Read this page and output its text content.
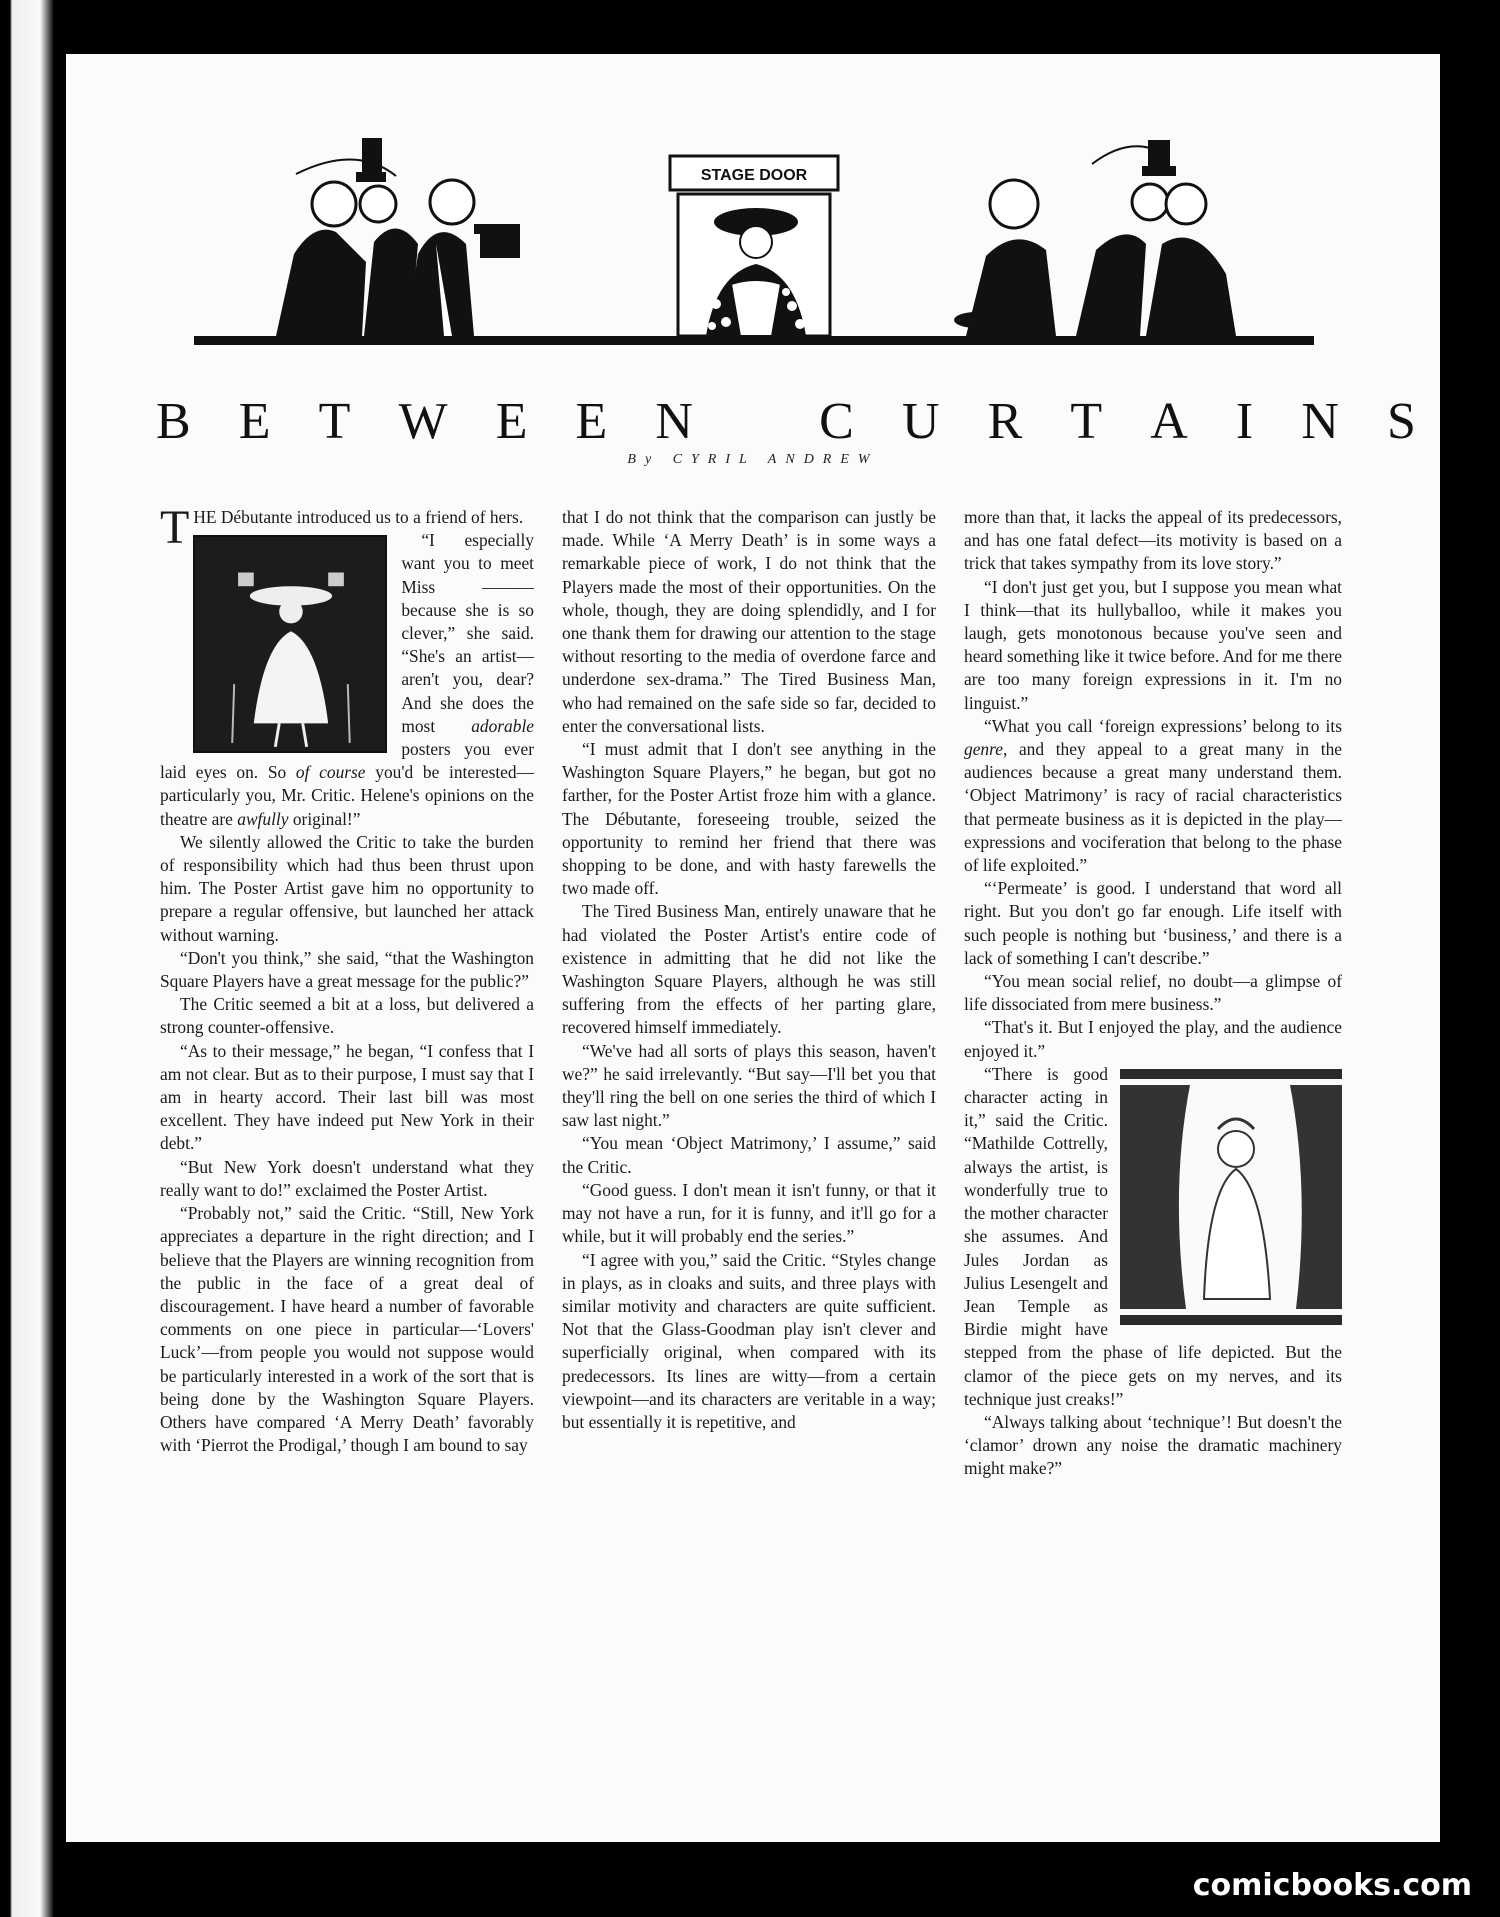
STAGE DOOR
B E T W E E N C U R T A I N S
By CYRIL ANDREW

THE Débutante introduced us to a friend of hers.

“I especially want you to meet Miss ——— because she is so clever,” she said. “She's an artist—aren't you, dear? And she does the most adorable posters you ever laid eyes on. So of course you'd be interested—particularly you, Mr. Critic. Helene's opinions on the theatre are awfully original!”

We silently allowed the Critic to take the burden of responsibility which had thus been thrust upon him. The Poster Artist gave him no opportunity to prepare a regular offensive, but launched her attack without warning.

“Don't you think,” she said, “that the Washington Square Players have a great message for the public?”

The Critic seemed a bit at a loss, but delivered a strong counter-offensive.

“As to their message,” he began, “I confess that I am not clear. But as to their purpose, I must say that I am in hearty accord. Their last bill was most excellent. They have indeed put New York in their debt.”

“But New York doesn't understand what they really want to do!” exclaimed the Poster Artist.

“Probably not,” said the Critic. “Still, New York appreciates a departure in the right direction; and I believe that the Players are winning recognition from the public in the face of a great deal of discouragement. I have heard a number of favorable comments on one piece in particular—‘Lovers' Luck’—from people you would not suppose would be particularly interested in a work of the sort that is being done by the Washington Square Players. Others have compared ‘A Merry Death’ favorably with ‘Pierrot the Prodigal,’ though I am bound to say

that I do not think that the comparison can justly be made. While ‘A Merry Death’ is in some ways a remarkable piece of work, I do not think that the Players made the most of their opportunities. On the whole, though, they are doing splendidly, and I for one thank them for drawing our attention to the stage without resorting to the media of overdone farce and underdone sex-drama.” The Tired Business Man, who had remained on the safe side so far, decided to enter the conversational lists.

“I must admit that I don't see anything in the Washington Square Players,” he began, but got no farther, for the Poster Artist froze him with a glance. The Débutante, foreseeing trouble, seized the opportunity to remind her friend that there was shopping to be done, and with hasty farewells the two made off.

The Tired Business Man, entirely unaware that he had violated the Poster Artist's entire code of existence in admitting that he did not like the Washington Square Players, although he was still suffering from the effects of her parting glare, recovered himself immediately.

“We've had all sorts of plays this season, haven't we?” he said irrelevantly. “But say—I'll bet you that they'll ring the bell on one series the third of which I saw last night.”

“You mean ‘Object Matrimony,’ I assume,” said the Critic.

“Good guess. I don't mean it isn't funny, or that it may not have a run, for it is funny, and it'll go for a while, but it will probably end the series.”

“I agree with you,” said the Critic. “Styles change in plays, as in cloaks and suits, and three plays with similar motivity and characters are quite sufficient. Not that the Glass-Goodman play isn't clever and superficially original, when compared with its predecessors. Its lines are witty—from a certain viewpoint—and its characters are veritable in a way; but essentially it is repetitive, and

more than that, it lacks the appeal of its predecessors, and has one fatal defect—its motivity is based on a trick that takes sympathy from its love story.”

“I don't just get you, but I suppose you mean what I think—that its hullyballoo, while it makes you laugh, gets monotonous because you've seen and heard something like it twice before. And for me there are too many foreign expressions in it. I'm no linguist.”

“What you call ‘foreign expressions’ belong to its genre, and they appeal to a great many in the audiences because a great many understand them. ‘Object Matrimony’ is racy of racial characteristics that permeate business as it is depicted in the play—expressions and vociferation that belong to the phase of life exploited.”

“‘Permeate’ is good. I understand that word all right. But you don't go far enough. Life itself with such people is nothing but ‘business,’ and there is a lack of something I can't describe.”

“You mean social relief, no doubt—a glimpse of life dissociated from mere business.”

“That's it. But I enjoyed the play, and the audience enjoyed it.”

“There is good character acting in it,” said the Critic. “Mathilde Cottrelly, always the artist, is wonderfully true to the mother character she assumes. And Jules Jordan as Julius Lesengelt and Jean Temple as Birdie might have stepped from the phase of life depicted. But the clamor of the piece gets on my nerves, and its technique just creaks!”

“Always talking about ‘technique’! But doesn't the ‘clamor’ drown any noise the dramatic machinery might make?”

comicbooks.com
